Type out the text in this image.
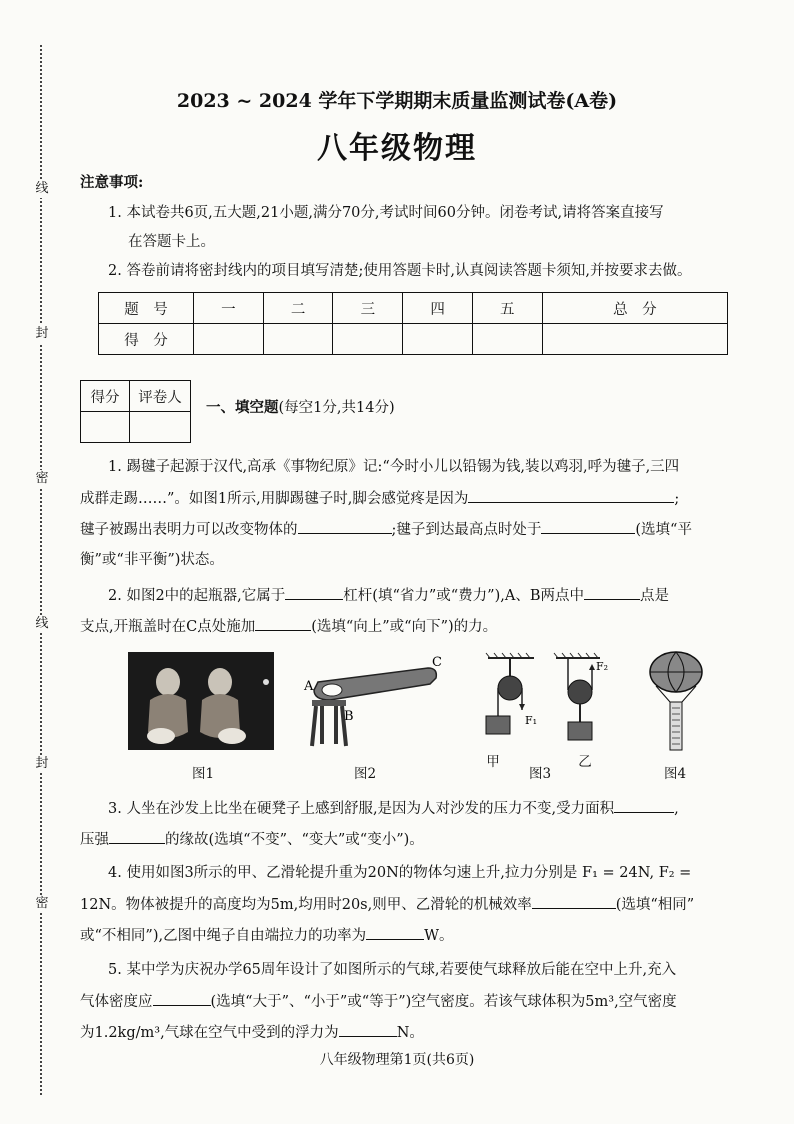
线
封
密
线
封
密
2023 ~ 2024 学年下学期期末质量监测试卷(A卷)
八年级物理
注意事项:
1. 本试卷共6页,五大题,21小题,满分70分,考试时间60分钟。闭卷考试,请将答案直接写
在答题卡上。
2. 答卷前请将密封线内的项目填写清楚;使用答题卡时,认真阅读答题卡须知,并按要求去做。
题　号	一	二	三	四	五	总　分
得　分						
得分	评卷人

一、填空题(每空1分,共14分)
1. 踢毽子起源于汉代,高承《事物纪原》记:“今时小儿以铅锡为钱,装以鸡羽,呼为毽子,三四
成群走踢……”。如图1所示,用脚踢毽子时,脚会感觉疼是因为	;
毽子被踢出表明力可以改变物体的	;毽子到达最高点时处于	(选填“平
衡”或“非平衡”)状态。
2. 如图2中的起瓶器,它属于	杠杆(填“省力”或“费力”),A、B两点中	点是
支点,开瓶盖时在C点处施加	(选填“向上”或“向下”)的力。
图1
A
B
C
图2
F₁
F₂
甲	乙
图3	图4
3. 人坐在沙发上比坐在硬凳子上感到舒服,是因为人对沙发的压力不变,受力面积	,
压强	的缘故(选填“不变”、“变大”或“变小”)。
4. 使用如图3所示的甲、乙滑轮提升重为20N的物体匀速上升,拉力分别是 F₁ = 24N, F₂ =
12N。物体被提升的高度均为5m,均用时20s,则甲、乙滑轮的机械效率	(选填“相同”
或“不相同”),乙图中绳子自由端拉力的功率为	W。
5. 某中学为庆祝办学65周年设计了如图所示的气球,若要使气球释放后能在空中上升,充入
气体密度应	(选填“大于”、“小于”或“等于”)空气密度。若该气球体积为5m³,空气密度
为1.2kg/m³,气球在空气中受到的浮力为	N。
八年级物理第1页(共6页)
